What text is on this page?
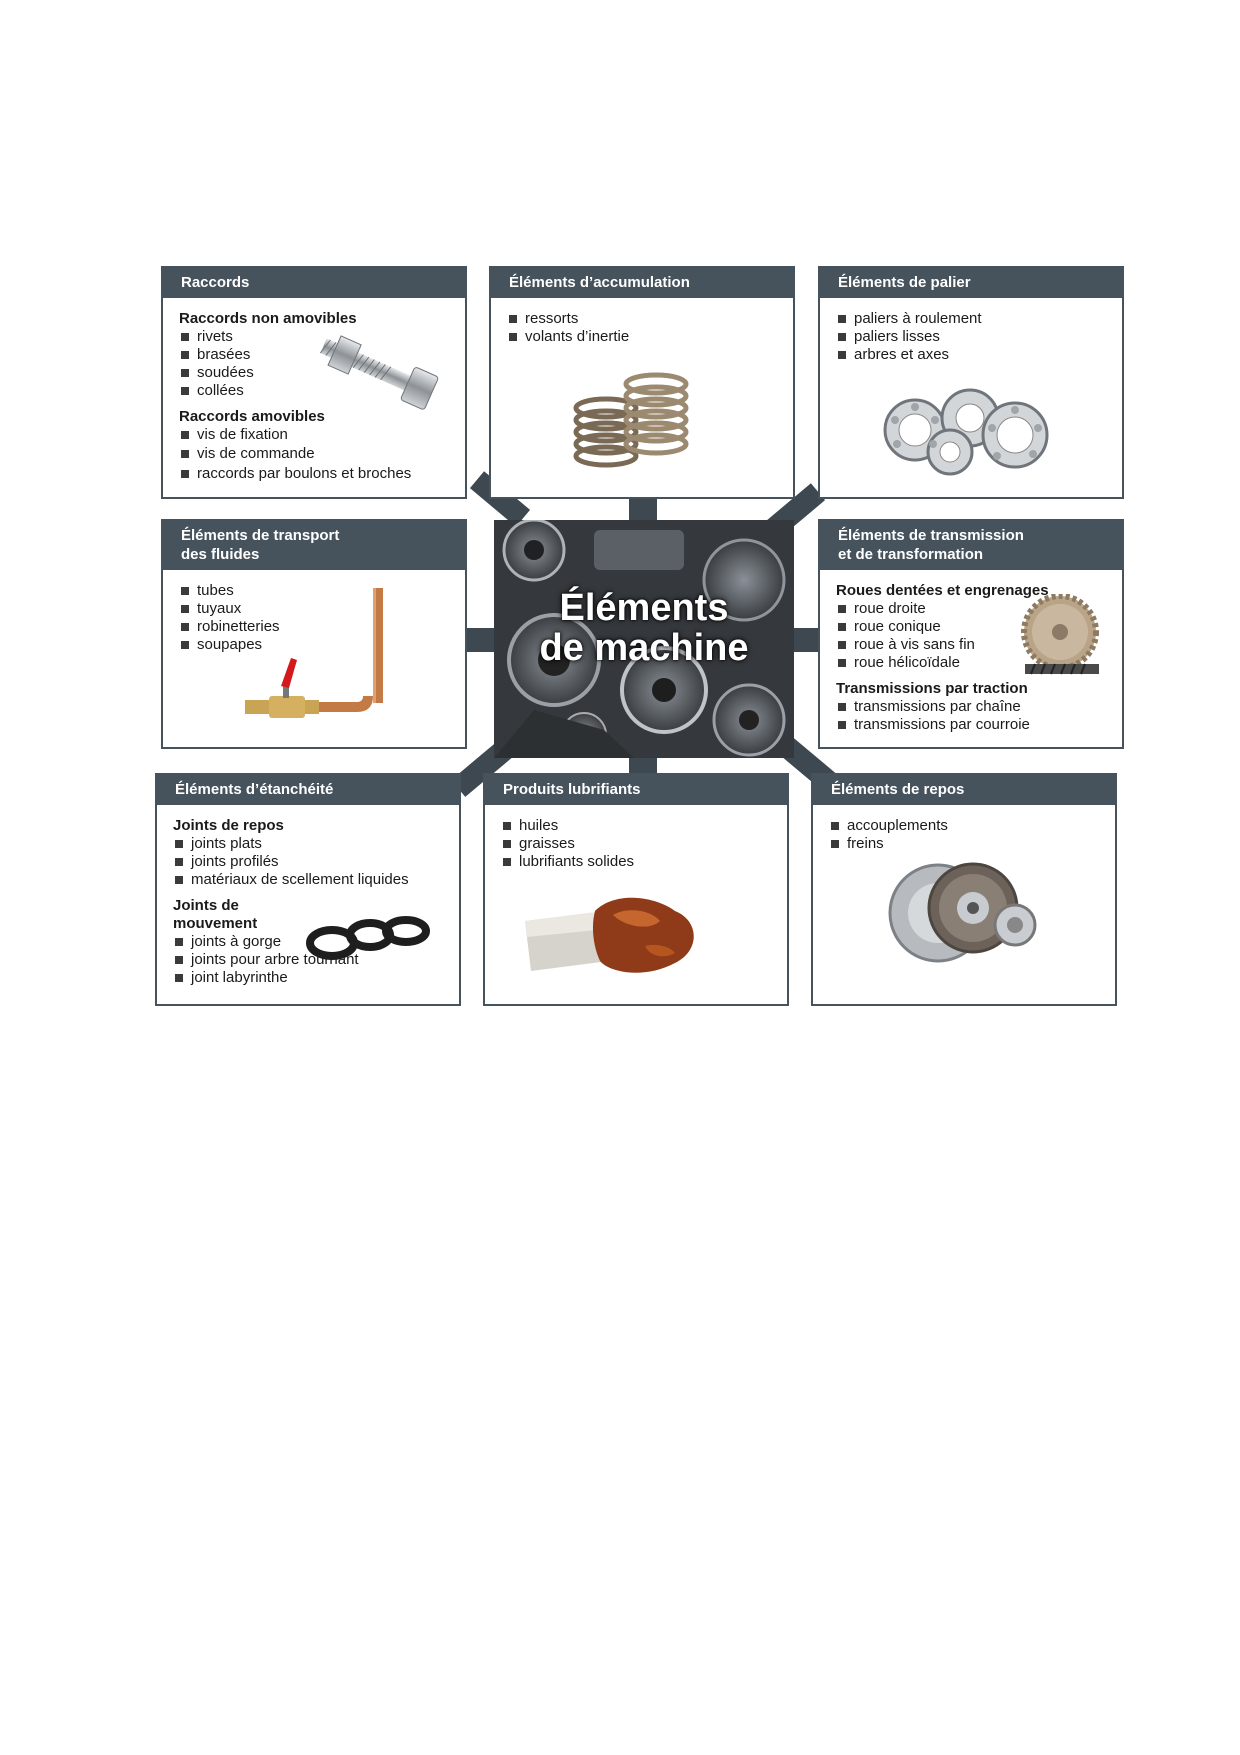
Éléments
de machine
Raccords
Raccords non amovibles
rivets
brasées
soudées
collées
Raccords amovibles
vis de fixation
vis de commande
raccords par boulons et broches
Éléments d’accumulation
ressorts
volants d’inertie
Éléments de palier
paliers à roulement
paliers lisses
arbres et axes
Éléments de transport
des fluides
tubes
tuyaux
robinetteries
soupapes
Éléments de transmission
et de transformation
Roues dentées et engrenages
roue droite
roue conique
roue à vis sans fin
roue hélicoïdale
Transmissions par traction
transmissions par chaîne
transmissions par courroie
Éléments d’étanchéité
Joints de repos
joints plats
joints profilés
matériaux de scellement liquides
Joints de
mouvement
joints à gorge
joints pour arbre tournant
joint labyrinthe
Produits lubrifiants
huiles
graisses
lubrifiants solides
Éléments de repos
accouplements
freins
